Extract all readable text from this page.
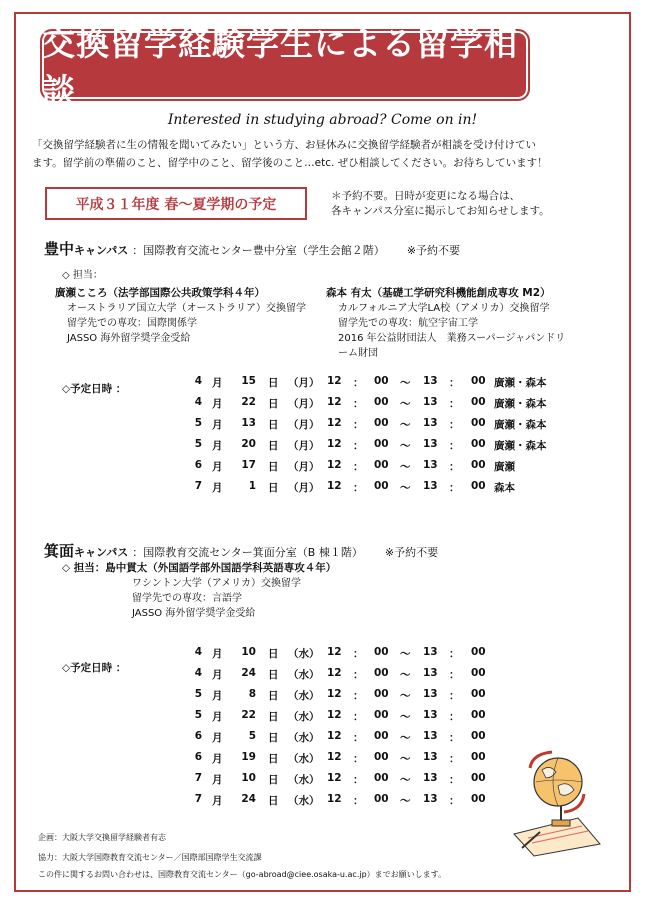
交換留学経験学生による留学相談
Interested in studying abroad? Come on in!
「交換留学経験者に生の情報を聞いてみたい」という方、お昼休みに交換留学経験者が相談を受け付けてい
ます。留学前の準備のこと、留学中のこと、留学後のこと…etc. ぜひ相談してください。お待ちしています！
平成３１年度 春～夏学期の予定
＊予約不要。日時が変更になる場合は、
各キャンパス分室に掲示してお知らせします。
豊中キャンパス ：国際教育交流センター豊中分室（学生会館２階） ※予約不要
◇ 担当：
廣瀬こころ（法学部国際公共政策学科４年）
オーストラリア国立大学（オーストラリア）交換留学
留学先での専攻：国際関係学
JASSO 海外留学奨学金受給
森本 有太（基礎工学研究科機能創成専攻 M2）
カルフォルニア大学LA校（アメリカ）交換留学
留学先での専攻：航空宇宙工学
2016 年公益財団法人　業務スーパージャパンドリ
ーム財団
◇予定日時 ：
4 月	15 日 （月） 12 ： 00 ～ 13 ： 00 廣瀬・森本
4 月	22 日 （月） 12 ： 00 ～ 13 ： 00 廣瀬・森本
5 月	13 日 （月） 12 ： 00 ～ 13 ： 00 廣瀬・森本
5 月	20 日 （月） 12 ： 00 ～ 13 ： 00 廣瀬・森本
6 月	17 日 （月） 12 ： 00 ～ 13 ： 00 廣瀬
7 月	1 日 （月） 12 ： 00 ～ 13 ： 00 森本
箕面キャンパス ：国際教育交流センター箕面分室（B 棟１階） ※予約不要
◇ 担当：島中貫太（外国語学部外国語学科英語専攻４年）
ワシントン大学（アメリカ）交換留学
留学先での専攻：言語学
JASSO 海外留学奨学金受給
◇予定日時 ：
4 月	10 日 （水） 12 ： 00 ～ 13 ： 00
4 月	24 日 （水） 12 ： 00 ～ 13 ： 00
5 月	8 日 （水） 12 ： 00 ～ 13 ： 00
5 月	22 日 （水） 12 ： 00 ～ 13 ： 00
6 月	5 日 （水） 12 ： 00 ～ 13 ： 00
6 月	19 日 （水） 12 ： 00 ～ 13 ： 00
7 月	10 日 （水） 12 ： 00 ～ 13 ： 00
7 月	24 日 （水） 12 ： 00 ～ 13 ： 00
企画：大阪大学交換留学経験者有志
協力：大阪大学国際教育交流センター／国際部国際学生交流課
この件に関するお問い合わせは、国際教育交流センター（go-abroad@ciee.osaka-u.ac.jp）までお願いします。
